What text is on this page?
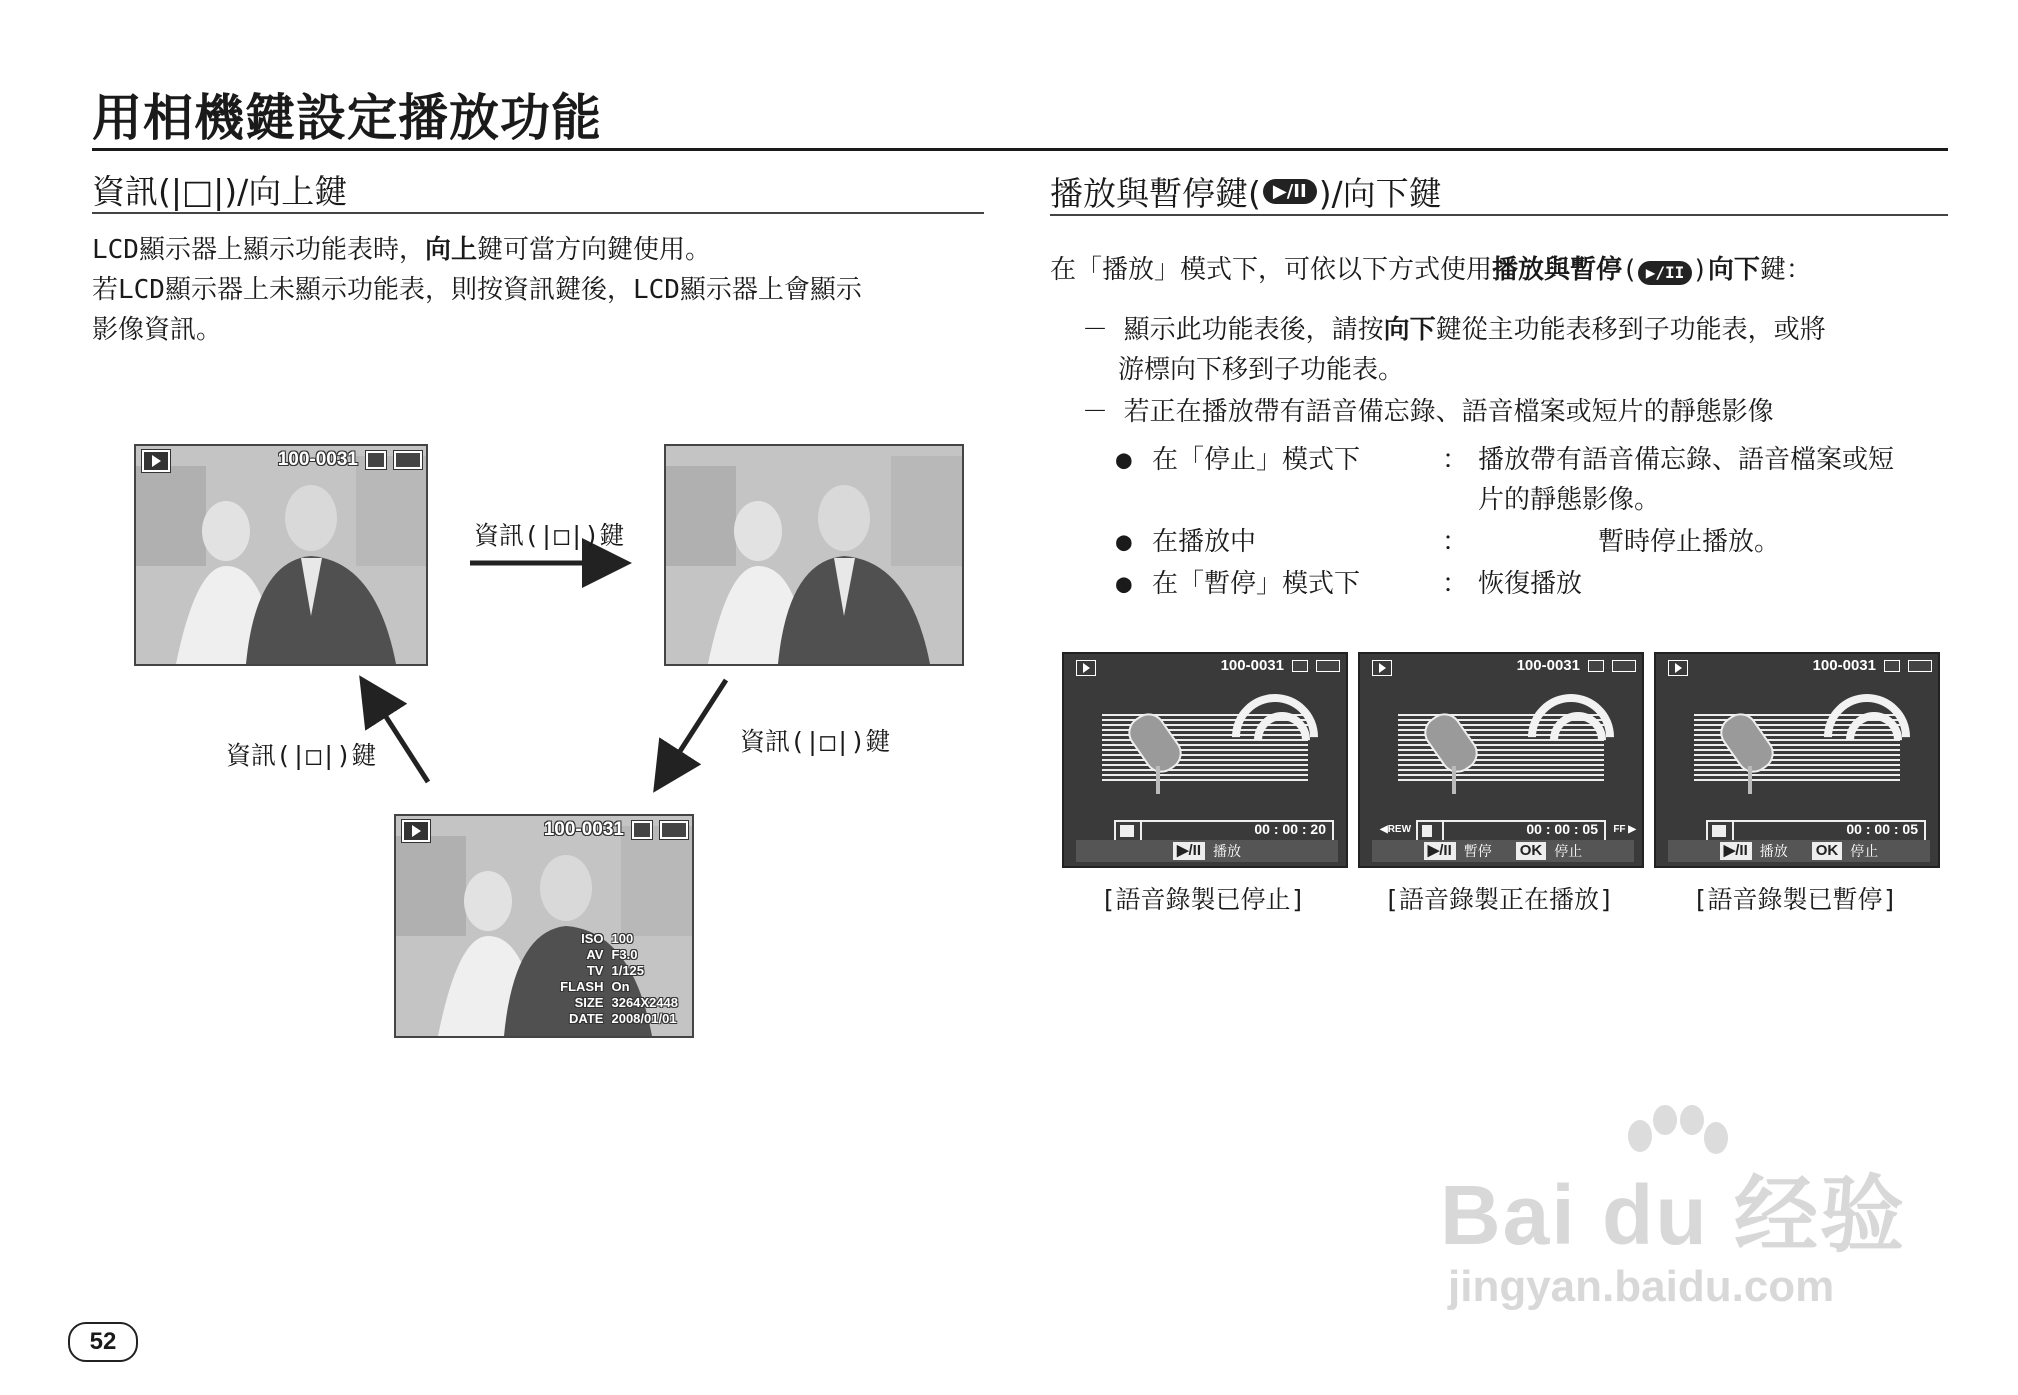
用相機鍵設定播放功能
資訊(|□|)/向上鍵
LCD顯示器上顯示功能表時，向上鍵可當方向鍵使用。
若LCD顯示器上未顯示功能表，則按資訊鍵後，LCD顯示器上會顯示
影像資訊。
100-0031
100-0031
ISO 100
AV F3.0
TV 1/125
FLASH On
SIZE 3264X2448
DATE 2008/01/01
資訊(|□|)鍵
資訊(|□|)鍵
資訊(|□|)鍵
播放與暫停鍵( ▶/II )/向下鍵
在「播放」模式下，可依以下方式使用播放與暫停( ▶/II )向下鍵：
－ 顯示此功能表後，請按向下鍵從主功能表移到子功能表，或將
游標向下移到子功能表。
－ 若正在播放帶有語音備忘錄、語音檔案或短片的靜態影像
● 在「停止」模式下	： 播放帶有語音備忘錄、語音檔案或短
片的靜態影像。
● 在播放中	：	暫時停止播放。
● 在「暫停」模式下	： 恢復播放
100-0031
00 : 00 : 20
▶/II 播放
100-0031
◀REW	00 : 00 : 05 FF ▶
▶/II 暫停 OK 停止
100-0031
00 : 00 : 05
▶/II 播放 OK 停止
[語音錄製已停止]	[語音錄製正在播放]	[語音錄製已暫停]
Bai du 经验
jingyan.baidu.com
52
